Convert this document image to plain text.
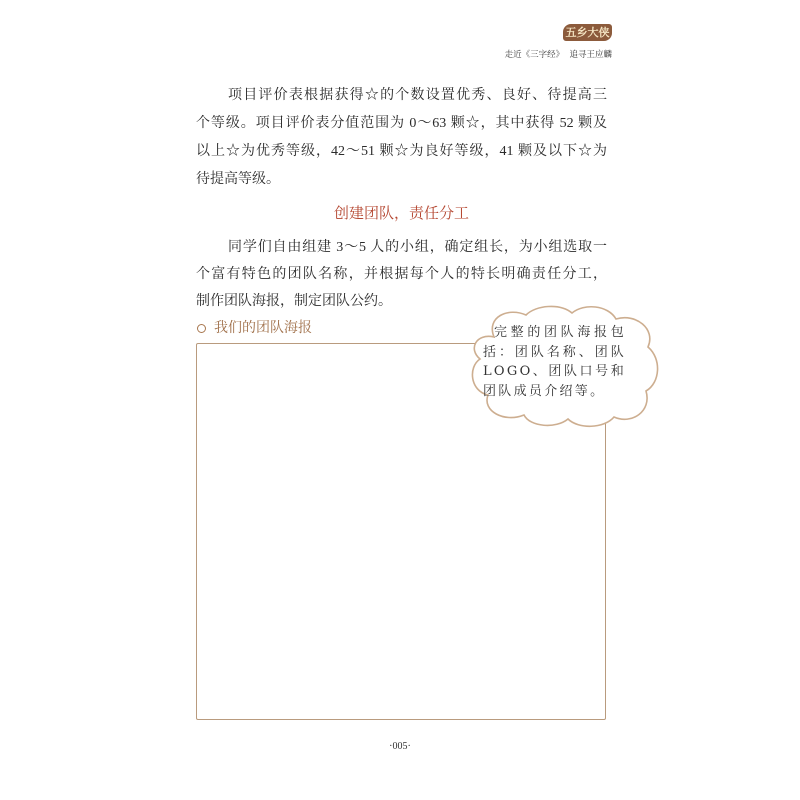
五乡大侠
走近《三字经》  追寻王应麟
项目评价表根据获得☆的个数设置优秀、良好、待提高三
个等级。项目评价表分值范围为 0～63 颗☆，其中获得 52 颗及
以上☆为优秀等级，42～51 颗☆为良好等级，41 颗及以下☆为
待提高等级。
创建团队，责任分工
同学们自由组建 3～5 人的小组，确定组长，为小组选取一
个富有特色的团队名称，并根据每个人的特长明确责任分工，
制作团队海报，制定团队公约。
我们的团队海报	完整的团队海报包
括：团队名称、团队
LOGO、团队口号和
团队成员介绍等。
·005·
